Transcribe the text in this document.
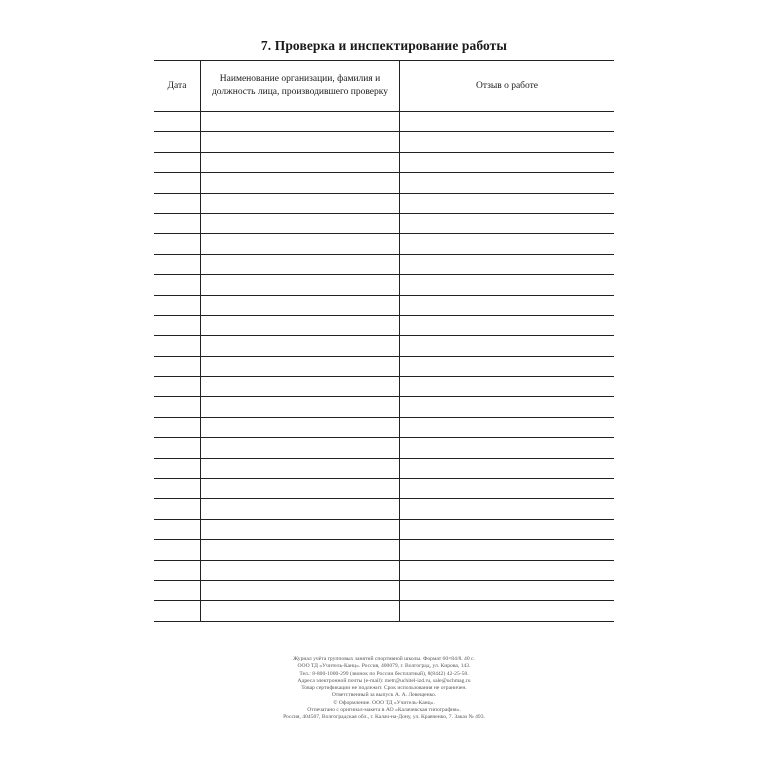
7. Проверка и инспектирование работы
Дата	Наименование организации, фамилия и должность лица, производившего проверку	Отзыв о работе

Журнал учёта групповых занятий спортивной школы. Формат 60×84/8. 40 с.
ООО ТД «Учитель-Канц». Россия, 400079, г. Волгоград, ул. Кирова, 143.
Тел.: 8-800-1000-299 (звонок по России бесплатный), 8(8442) 42-25-58.
Адреса электронной почты (e-mail): metr@uchitel-izd.ru, sale@uchmag.ru
Товар сертификации не подлежит. Срок использования не ограничен.
Ответственный за выпуск А. А. Левещенко.
© Оформление. ООО ТД «Учитель-Канц».
Отпечатано с оригинал-макета в АО «Калачевская типография».
Россия, 404507, Волгоградская обл., г. Калач-на-Дону, ул. Кравченко, 7. Заказ № 493.
